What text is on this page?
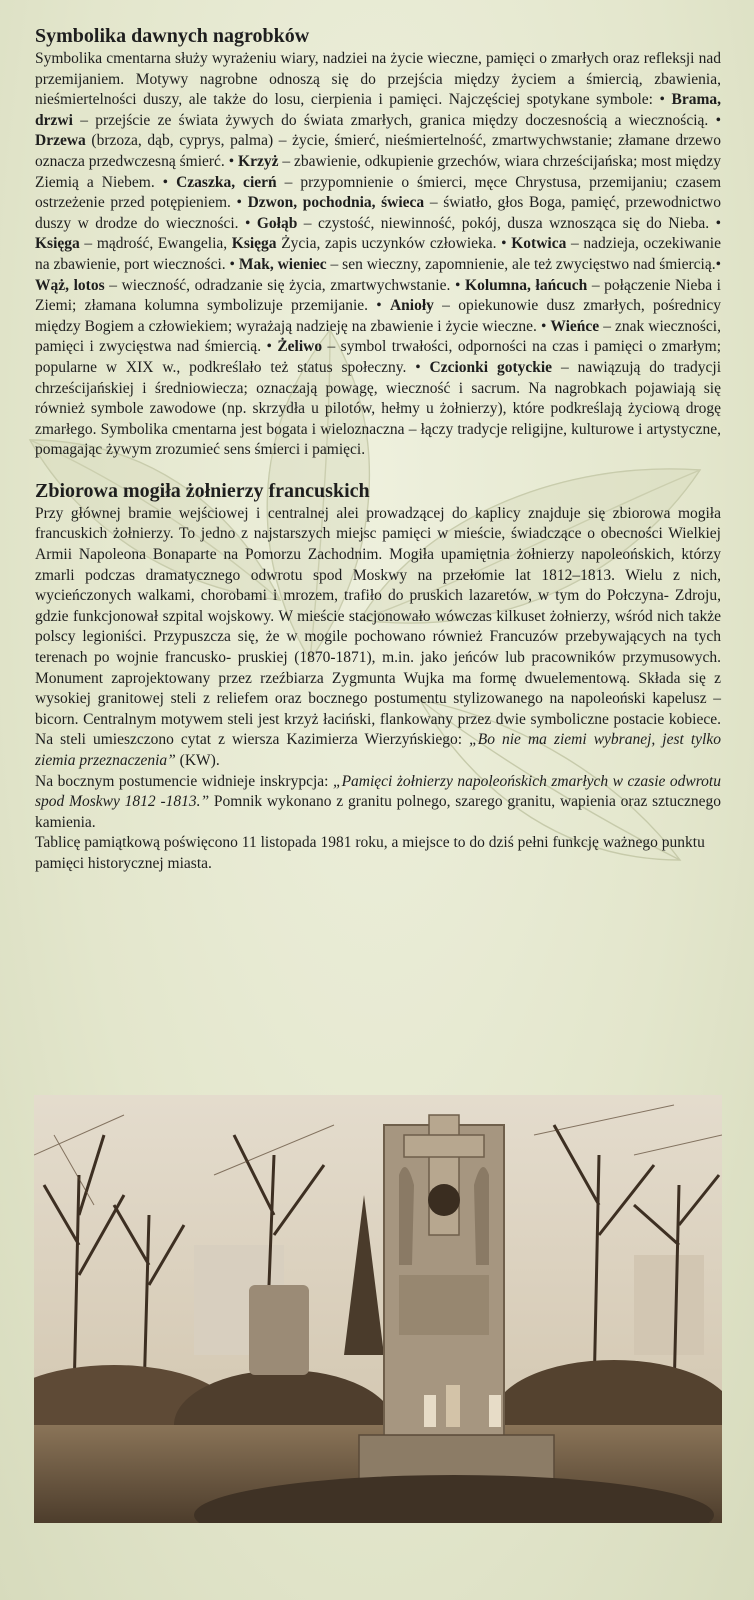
Symbolika dawnych nagrobków

Symbolika cmentarna służy wyrażeniu wiary, nadziei na życie wieczne, pamięci o zmarłych oraz refleksji nad przemijaniem. Motywy nagrobne odnoszą się do przejścia między życiem a śmiercią, zbawienia, nieśmiertelności duszy, ale także do losu, cierpienia i pamięci. Najczęściej spotykane symbole: • Brama, drzwi – przejście ze świata żywych do świata zmarłych, granica między doczesnością a wiecznością. • Drzewa (brzoza, dąb, cyprys, palma) – życie, śmierć, nieśmiertelność, zmartwychwstanie; złamane drzewo oznacza przedwczesną śmierć. • Krzyż – zbawienie, odkupienie grzechów, wiara chrześcijańska; most między Ziemią a Niebem. • Czaszka, cierń – przypomnienie o śmierci, męce Chrystusa, przemijaniu; czasem ostrzeżenie przed potępieniem. • Dzwon, pochodnia, świeca – światło, głos Boga, pamięć, przewodnictwo duszy w drodze do wieczności. • Gołąb – czystość, niewinność, pokój, dusza wznosząca się do Nieba. • Księga – mądrość, Ewangelia, Księga Życia, zapis uczynków człowieka. • Kotwica – nadzieja, oczekiwanie na zbawienie, port wieczności. • Mak, wieniec – sen wieczny, zapomnienie, ale też zwycięstwo nad śmiercią.• Wąż, lotos – wieczność, odradzanie się życia, zmartwychwstanie. • Kolumna, łańcuch – połączenie Nieba i Ziemi; złamana kolumna symbolizuje przemijanie. • Anioły – opiekunowie dusz zmarłych, pośrednicy między Bogiem a człowiekiem; wyrażają nadzieję na zbawienie i życie wieczne. • Wieńce – znak wieczności, pamięci i zwycięstwa nad śmiercią. • Żeliwo – symbol trwałości, odporności na czas i pamięci o zmarłym; popularne w XIX w., podkreślało też status społeczny. • Czcionki gotyckie – nawiązują do tradycji chrześcijańskiej i średniowiecza; oznaczają powagę, wieczność i sacrum. Na nagrobkach pojawiają się również symbole zawodowe (np. skrzydła u pilotów, hełmy u żołnierzy), które podkreślają życiową drogę zmarłego. Symbolika cmentarna jest bogata i wieloznaczna – łączy tradycje religijne, kulturowe i artystyczne, pomagając żywym zrozumieć sens śmierci i pamięci.

Zbiorowa mogiła żołnierzy francuskich

Przy głównej bramie wejściowej i centralnej alei prowadzącej do kaplicy znajduje się zbiorowa mogiła francuskich żołnierzy. To jedno z najstarszych miejsc pamięci w mieście, świadczące o obecności Wielkiej Armii Napoleona Bonaparte na Pomorzu Zachodnim. Mogiła upamiętnia żołnierzy napoleońskich, którzy zmarli podczas dramatycznego odwrotu spod Moskwy na przełomie lat 1812–1813. Wielu z nich, wycieńczonych walkami, chorobami i mrozem, trafiło do pruskich lazaretów, w tym do Połczyna- Zdroju, gdzie funkcjonował szpital wojskowy. W mieście stacjonowało wówczas kilkuset żołnierzy, wśród nich także polscy legioniści. Przypuszcza się, że w mogile pochowano również Francuzów przebywających na tych terenach po wojnie francusko- pruskiej (1870-1871), m.in. jako jeńców lub pracowników przymusowych. Monument zaprojektowany przez rzeźbiarza Zygmunta Wujka ma formę dwuelementową. Składa się z wysokiej granitowej steli z reliefem oraz bocznego postumentu stylizowanego na napoleoński kapelusz – bicorn. Centralnym motywem steli jest krzyż łaciński, flankowany przez dwie symboliczne postacie kobiece. Na steli umieszczono cytat z wiersza Kazimierza Wierzyńskiego: „Bo nie ma ziemi wybranej, jest tylko ziemia przeznaczenia” (KW).

Na bocznym postumencie widnieje inskrypcja: „Pamięci żołnierzy napoleońskich zmarłych w czasie odwrotu spod Moskwy 1812 -1813.” Pomnik wykonano z granitu polnego, szarego granitu, wapienia oraz sztucznego kamienia.

Tablicę pamiątkową poświęcono 11 listopada 1981 roku, a miejsce to do dziś pełni funkcję ważnego punktu pamięci historycznej miasta.
